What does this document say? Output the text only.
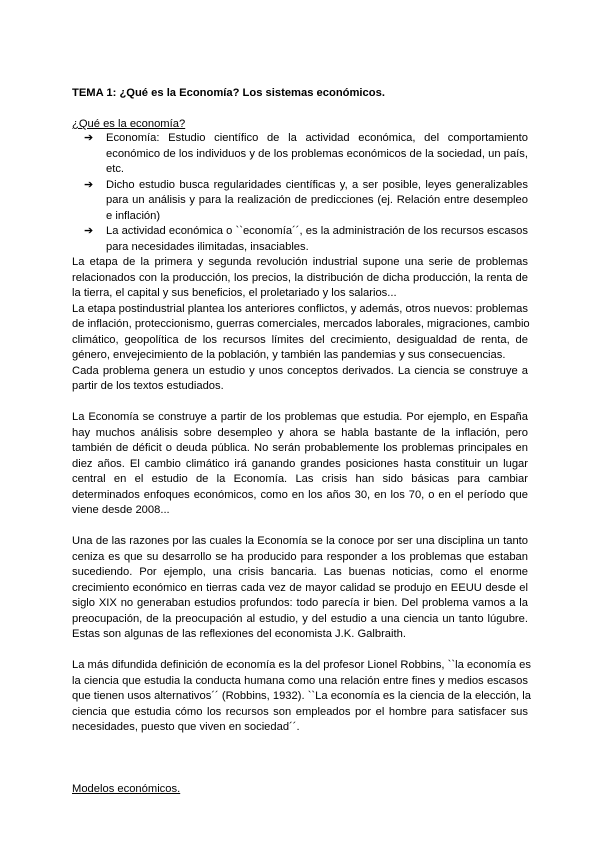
TEMA 1: ¿Qué es la Economía? Los sistemas económicos.
¿Qué es la economía?
➔ Economía: Estudio científico de la actividad económica, del comportamiento
económico de los individuos y de los problemas económicos de la sociedad, un país,
etc.
➔ Dicho estudio busca regularidades científicas y, a ser posible, leyes generalizables
para un análisis y para la realización de predicciones (ej. Relación entre desempleo
e inflación)
➔ La actividad económica o ``economía´´, es la administración de los recursos escasos
para necesidades ilimitadas, insaciables.
La etapa de la primera y segunda revolución industrial supone una serie de problemas
relacionados con la producción, los precios, la distribución de dicha producción, la renta de
la tierra, el capital y sus beneficios, el proletariado y los salarios...
La etapa postindustrial plantea los anteriores conflictos, y además, otros nuevos: problemas
de inflación, proteccionismo, guerras comerciales, mercados laborales, migraciones, cambio
climático, geopolítica de los recursos límites del crecimiento, desigualdad de renta, de
género, envejecimiento de la población, y también las pandemias y sus consecuencias.
Cada problema genera un estudio y unos conceptos derivados. La ciencia se construye a
partir de los textos estudiados.
La Economía se construye a partir de los problemas que estudia. Por ejemplo, en España
hay muchos análisis sobre desempleo y ahora se habla bastante de la inflación, pero
también de déficit o deuda pública. No serán probablemente los problemas principales en
diez años. El cambio climático irá ganando grandes posiciones hasta constituir un lugar
central en el estudio de la Economía. Las crisis han sido básicas para cambiar
determinados enfoques económicos, como en los años 30, en los 70, o en el período que
viene desde 2008...
Una de las razones por las cuales la Economía se la conoce por ser una disciplina un tanto
ceniza es que su desarrollo se ha producido para responder a los problemas que estaban
sucediendo. Por ejemplo, una crisis bancaria. Las buenas noticias, como el enorme
crecimiento económico en tierras cada vez de mayor calidad se produjo en EEUU desde el
siglo XIX no generaban estudios profundos: todo parecía ir bien. Del problema vamos a la
preocupación, de la preocupación al estudio, y del estudio a una ciencia un tanto lúgubre.
Estas son algunas de las reflexiones del economista J.K. Galbraith.
La más difundida definición de economía es la del profesor Lionel Robbins, ``la economía es
la ciencia que estudia la conducta humana como una relación entre fines y medios escasos
que tienen usos alternativos´´ (Robbins, 1932). ``La economía es la ciencia de la elección, la
ciencia que estudia cómo los recursos son empleados por el hombre para satisfacer sus
necesidades, puesto que viven en sociedad´´.
Modelos económicos.
